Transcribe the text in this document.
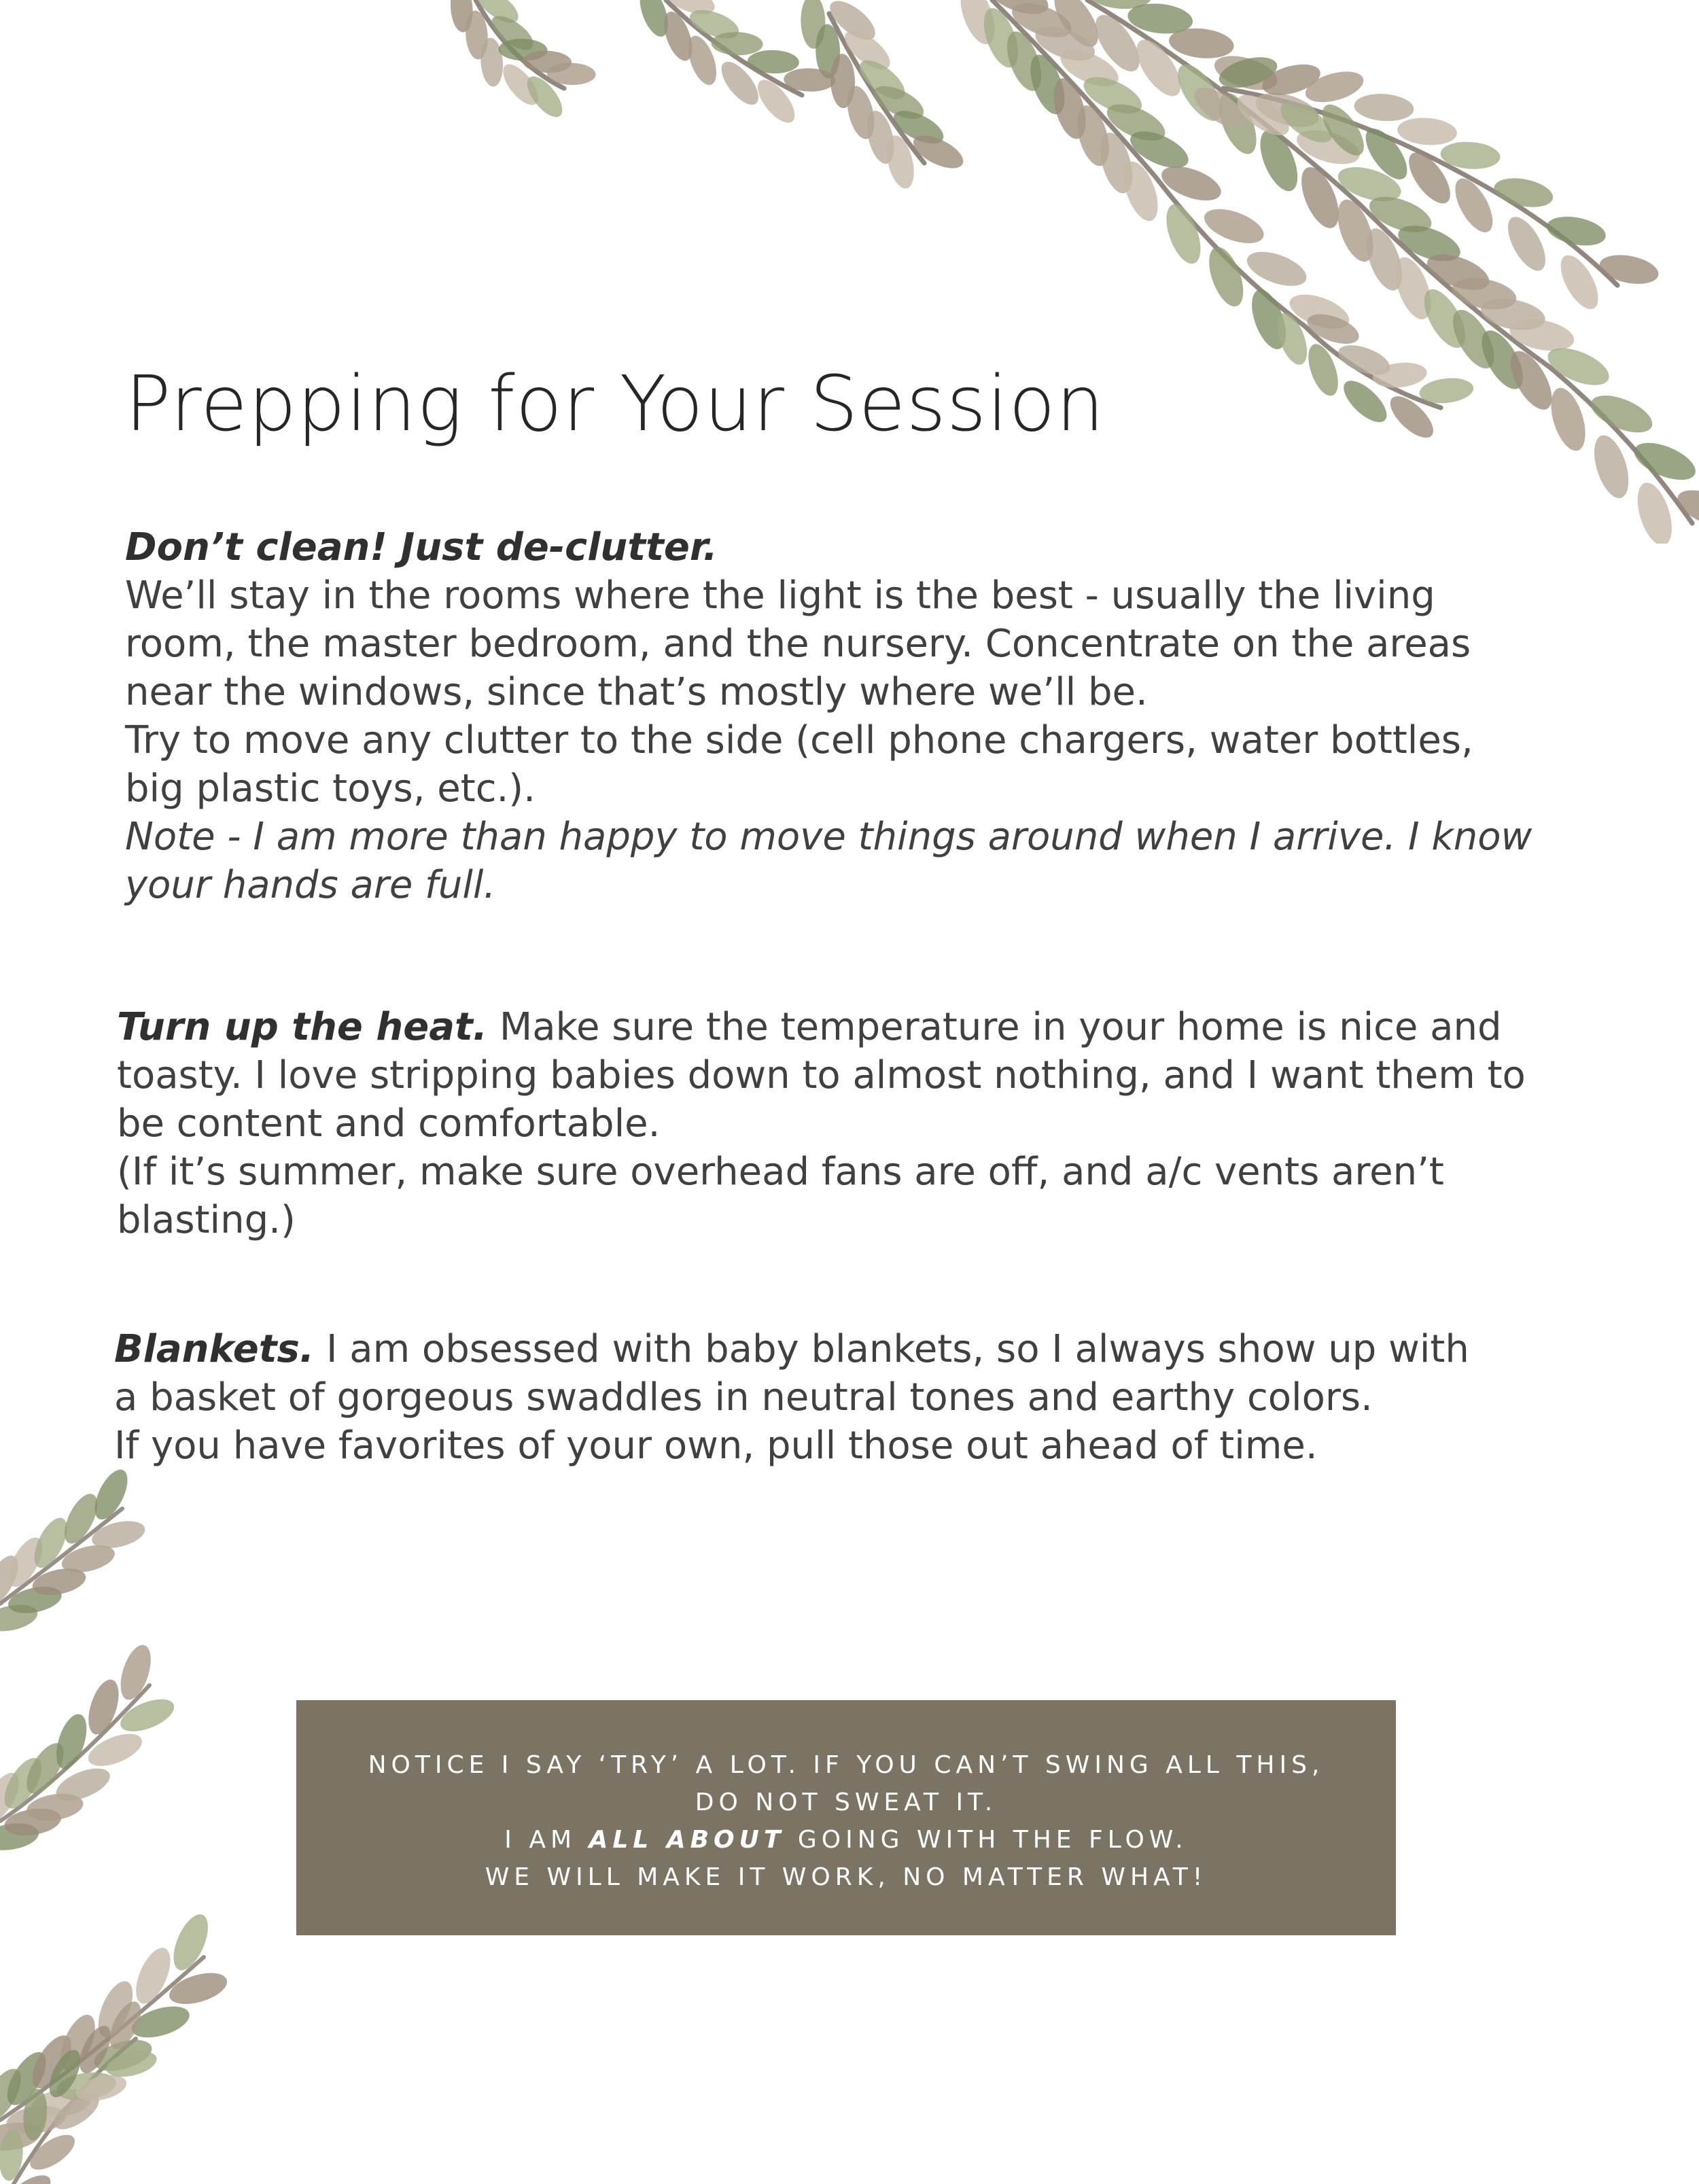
Prepping for Your Session
Don’t clean! Just de-clutter.
We’ll stay in the rooms where the light is the best - usually the living
room, the master bedroom, and the nursery. Concentrate on the areas
near the windows, since that’s mostly where we’ll be.
Try to move any clutter to the side (cell phone chargers, water bottles,
big plastic toys, etc.).
Note - I am more than happy to move things around when I arrive. I know
your hands are full.
Turn up the heat. Make sure the temperature in your home is nice and
toasty. I love stripping babies down to almost nothing, and I want them to
be content and comfortable.
(If it’s summer, make sure overhead fans are off, and a/c vents aren’t
blasting.)
Blankets. I am obsessed with baby blankets, so I always show up with
a basket of gorgeous swaddles in neutral tones and earthy colors.
If you have favorites of your own, pull those out ahead of time.
NOTICE I SAY ‘TRY’ A LOT. IF YOU CAN’T SWING ALL THIS,
DO NOT SWEAT IT.
I AM ALL ABOUT GOING WITH THE FLOW.
WE WILL MAKE IT WORK, NO MATTER WHAT!
